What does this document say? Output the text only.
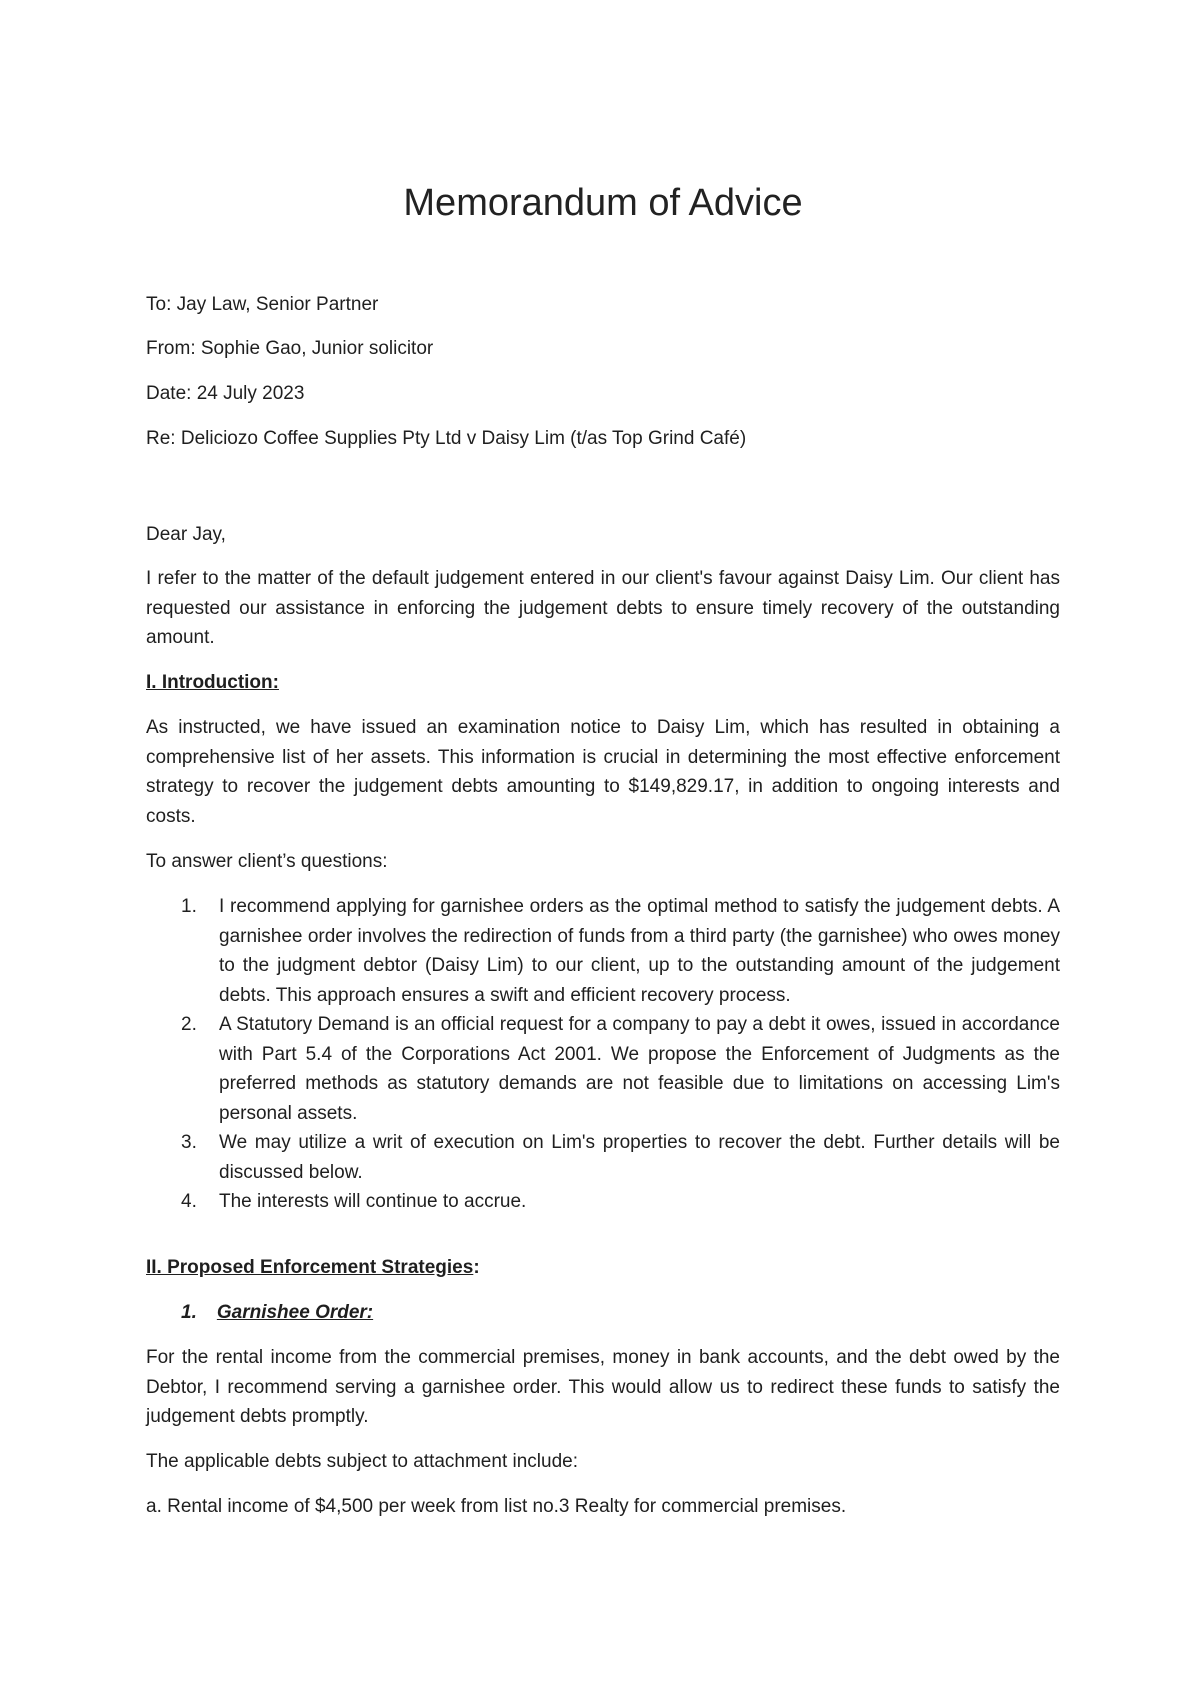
Memorandum of Advice

To: Jay Law, Senior Partner

From: Sophie Gao, Junior solicitor

Date: 24 July 2023

Re: Deliciozo Coffee Supplies Pty Ltd v Daisy Lim (t/as Top Grind Café)

Dear Jay,

I refer to the matter of the default judgement entered in our client's favour against Daisy Lim. Our client has requested our assistance in enforcing the judgement debts to ensure timely recovery of the outstanding amount.

I. Introduction:

As instructed, we have issued an examination notice to Daisy Lim, which has resulted in obtaining a comprehensive list of her assets. This information is crucial in determining the most effective enforcement strategy to recover the judgement debts amounting to $149,829.17, in addition to ongoing interests and costs.

To answer client’s questions:

1. I recommend applying for garnishee orders as the optimal method to satisfy the judgement debts. A garnishee order involves the redirection of funds from a third party (the garnishee) who owes money to the judgment debtor (Daisy Lim) to our client, up to the outstanding amount of the judgement debts. This approach ensures a swift and efficient recovery process.
2. A Statutory Demand is an official request for a company to pay a debt it owes, issued in accordance with Part 5.4 of the Corporations Act 2001. We propose the Enforcement of Judgments as the preferred methods as statutory demands are not feasible due to limitations on accessing Lim's personal assets.
3. We may utilize a writ of execution on Lim's properties to recover the debt. Further details will be discussed below.
4. The interests will continue to accrue.

II. Proposed Enforcement Strategies:

1. Garnishee Order:

For the rental income from the commercial premises, money in bank accounts, and the debt owed by the Debtor, I recommend serving a garnishee order. This would allow us to redirect these funds to satisfy the judgement debts promptly.

The applicable debts subject to attachment include:

a. Rental income of $4,500 per week from list no.3 Realty for commercial premises.
